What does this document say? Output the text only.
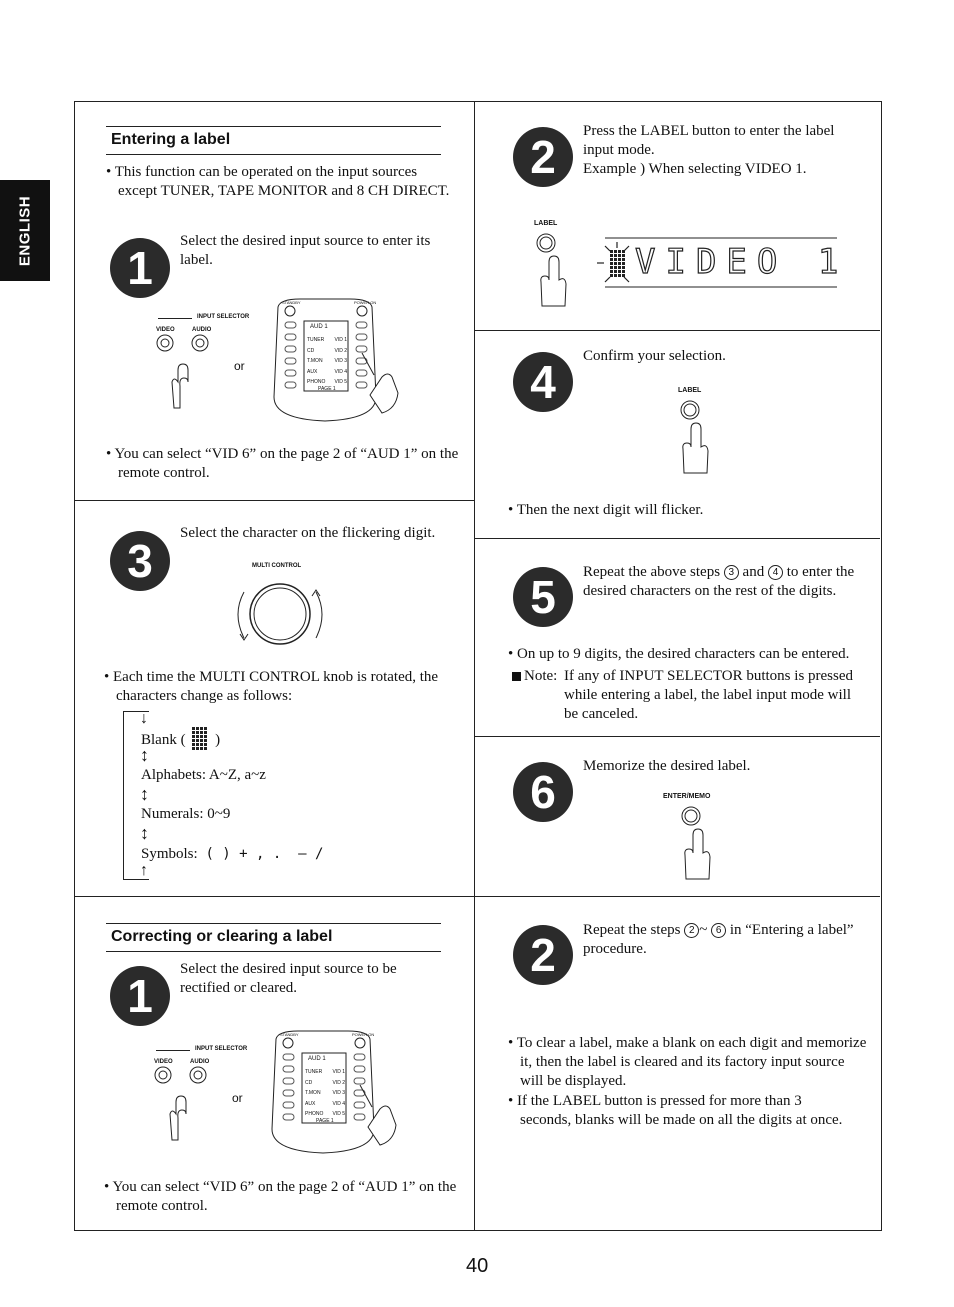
ENGLISH
Entering a label
• This function can be operated on the input sources except TUNER, TAPE MONITOR and 8 CH DIRECT.
1
Select the desired input source to enter its label.
INPUT SELECTOR
VIDEO	AUDIO
or
STANDBY	POWER ON
AUD 1
TUNER VID 1
CD	VID 2
T.MON VID 3
AUX	VID 4
PHONO VID 5
PAGE 1
• You can select “VID 6” on the page 2 of “AUD 1” on the remote control.
3
Select the character on the flickering digit.
MULTI CONTROL
• Each time the MULTI CONTROL knob is rotated, the characters change as follows:
↓
Blank ( )
↕
Alphabets: A~Z, a~z
↕
Numerals: 0~9
↕
Symbols: ( ) + , .  – /
↑
2	Press the LABEL button to enter the label input mode.
Example ) When selecting VIDEO 1.
LABEL
VIDEO 1
4	Confirm your selection.
LABEL
• Then the next digit will flicker.
5	Repeat the above steps 3 and 4 to enter the desired characters on the rest of the digits.
• On up to 9 digits, the desired characters can be entered.
Note: If any of INPUT SELECTOR buttons is pressed while entering a label, the label input mode will be canceled.
6	Memorize the desired label.
ENTER/MEMO
Correcting or clearing a label
1
Select the desired input source to be rectified or cleared.
INPUT SELECTOR
VIDEO	AUDIO
or
STANDBY	POWER ON
AUD 1
TUNER VID 1
CD	VID 2
T.MON VID 3
AUX	VID 4
PHONO VID 5
PAGE 1
• You can select “VID 6” on the page 2 of “AUD 1” on the remote control.
2	Repeat the steps 2 ~ 6 in “Entering a label” procedure.
• To clear a label, make a blank on each digit and memorize it, then the label is cleared and its factory input source will be displayed.
• If the LABEL button is pressed for more than 3 seconds, blanks will be made on all the digits at once.
40
